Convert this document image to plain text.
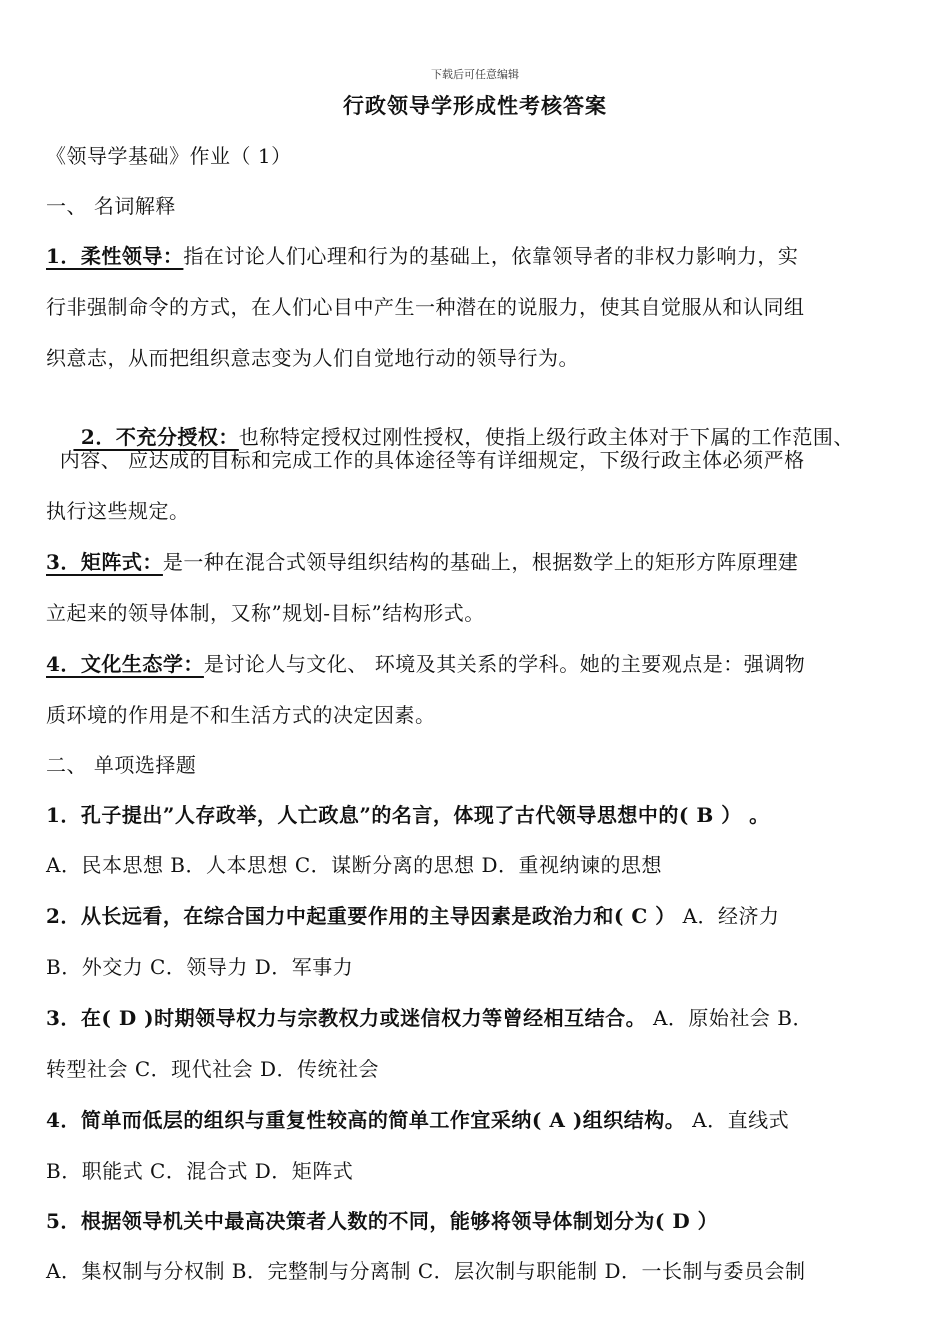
下载后可任意编辑
行政领导学形成性考核答案
《领导学基础》作业（ 1）
一、 名词解释
1．柔性领导：指在讨论人们心理和行为的基础上，依靠领导者的非权力影响力，实
行非强制命令的方式，在人们心目中产生一种潜在的说服力，使其自觉服从和认同组
织意志，从而把组织意志变为人们自觉地行动的领导行为。

2．不充分授权：也称特定授权过刚性授权，使指上级行政主体对于下属的工作范围、

内容、 应达成的目标和完成工作的具体途径等有详细规定，下级行政主体必须严格
执行这些规定。
3．矩阵式：是一种在混合式领导组织结构的基础上，根据数学上的矩形方阵原理建
立起来的领导体制，又称”规划-目标”结构形式。
4．文化生态学：是讨论人与文化、 环境及其关系的学科。她的主要观点是：强调物
质环境的作用是不和生活方式的决定因素。
二、 单项选择题
1．孔子提出”人存政举，人亡政息”的名言，体现了古代领导思想中的( B ） 。
A．民本思想 B．人本思想 C．谋断分离的思想 D．重视纳谏的思想
2．从长远看，在综合国力中起重要作用的主导因素是政治力和( C ） A．经济力
B．外交力 C．领导力 D．军事力
3．在( D )时期领导权力与宗教权力或迷信权力等曾经相互结合。 A．原始社会 B．
转型社会 C．现代社会 D．传统社会
4．简单而低层的组织与重复性较高的简单工作宜采纳( A )组织结构。 A．直线式
B．职能式 C．混合式 D．矩阵式
5．根据领导机关中最高决策者人数的不同，能够将领导体制划分为( D ）
A．集权制与分权制 B．完整制与分离制 C．层次制与职能制 D．一长制与委员会制
